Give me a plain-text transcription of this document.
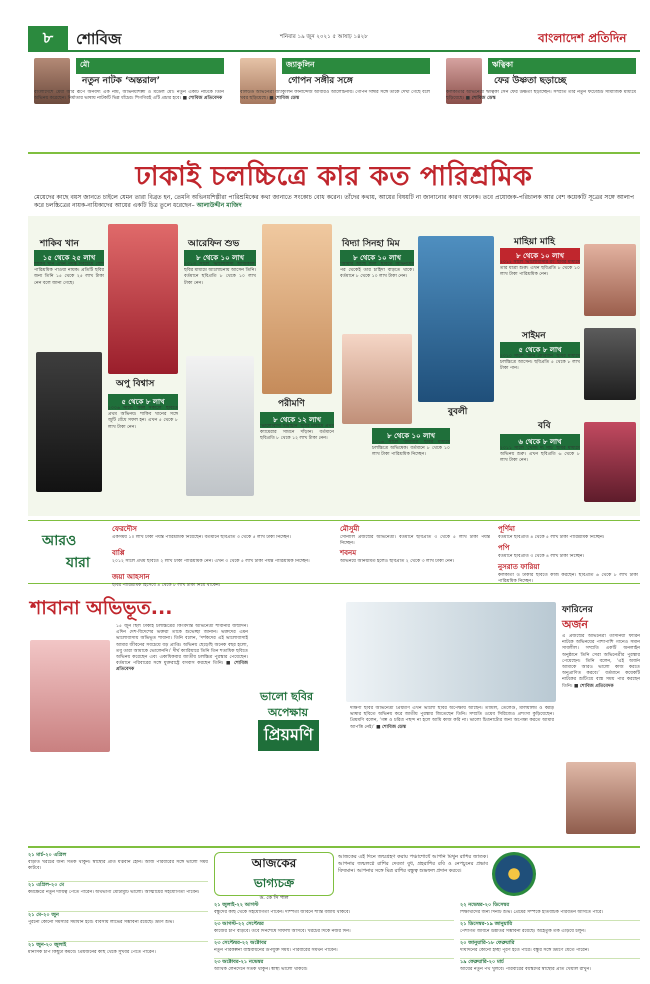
৮	শোবিজ	শনিবার ১৯ জুন ২০২১ ৫ আষাঢ় ১৪২৮	বাংলাদেশ প্রতিদিন
মৌ
নতুন নাটক ‘অন্তরাল’
বাংলাদেশে মেধা আর রূপে অনবদ্য এক নাম, অভিনয়শিল্পী ও মডেল মৌ। নতুন একটি নাটকে তিনি অভিনয় করেছেন। নির্মাতার ভাষায় নাটকটি ভিন্ন ধাঁচের। শিগগিরই এটি প্রচার হবে। ■ শোবিজ প্রতিবেদক
জ্যাকুলিন
গোপন সঙ্গীর সঙ্গে
বলিউড অভিনেত্রী জ্যাকুলিন ফার্নান্দেজ আবারও আলোচনায়। গোপন সঙ্গীর সঙ্গে তাকে দেখা গেছে বলে খবর ছড়িয়েছে। ■ শোবিজ ডেস্ক
ঋত্বিকা
ফের উষ্ণতা ছড়াচ্ছে
কলকাতার অভিনেত্রী ঋত্বিকা সেন ফের উষ্ণতা ছড়াচ্ছেন। সম্প্রতি তার নতুন ফটোশুট সামাজিক মাধ্যমে ছড়িয়েছে। ■ শোবিজ ডেস্ক
ঢাকাই চলচ্চিত্রে কার কত পারিশ্রমিক
মেয়েদের কাছে বয়স জানতে চাইলে যেমন তারা বিব্রত হন, তেমনি অভিনয়শিল্পীরা পারিশ্রমিকের কথা জানাতে সংকোচ বোধ করেন। তাঁদের কথায়, আয়ের বিষয়টি না জানানোর কারণ অনেক। তবে প্রযোজক-পরিচালক আর বেশ কয়েকটি সূত্রের সঙ্গে আলাপ করে চলচ্চিত্রের নায়ক-নায়িকাদের আয়ের একটি চিত্র তুলে ধরেছেন– আলাউদ্দীন মাজিদ
শাকিব খান
১৫ থেকে ২৫ লাখ
শাকিব খান এখন পর্যন্ত সবচেয়ে বেশি পারিশ্রমিক পাওয়া নায়ক। প্রতিটি ছবির জন্য তিনি ১৫ থেকে ২৫ লাখ টাকা নেন বলে জানা গেছে।
অপু বিশ্বাস
৫ থেকে ৮ লাখ
২০০৬ সালে ‘কাল সকালে’ ছবিতে প্রথম অভিনয়। শাকিব খানের সঙ্গে জুটি বেঁধে সফল হন। এখন ৫ থেকে ৮ লাখ টাকা নেন।
আরেফিন শুভ
৮ থেকে ১০ লাখ
২০১৩ সালে ‘ভালোবাসা আজকাল’ ছবির মাধ্যমে আলোচনায় আসেন তিনি। বর্তমানে ছবিপ্রতি ৮ থেকে ১০ লাখ টাকা নেন।
পরীমণি
৮ থেকে ১২ লাখ
‘ভালোবাসা সীমাহীন’ ছবির মাধ্যমে প্রথম ক্যামেরার সামনে দাঁড়ান। বর্তমানে ছবিপ্রতি ৮ থেকে ১২ লাখ টাকা নেন।
বিদ্যা সিনহা মিম
৮ থেকে ১০ লাখ
‘আমার আছে জল’ ছবিতে অভিনয়ের পর থেকেই তার চাহিদা বাড়তে থাকে। বর্তমানে ৮ থেকে ১০ লাখ টাকা নেন।
বুবলী
৮ থেকে ১০ লাখ
২০১৬ সালে ‘বসগিরি’ ছবির মাধ্যমে চলচ্চিত্রে অভিষেক। বর্তমানে ৮ থেকে ১০ লাখ টাকা পারিশ্রমিক নিচ্ছেন।
মাহিয়া মাহি
৮ থেকে ১০ লাখ
২০১২ সালে ‘ভালোবাসার রং’ ছবির মাধ্যমে তার যাত্রা শুরু। এখন ছবিপ্রতি ৮ থেকে ১০ লাখ টাকা পারিশ্রমিক নেন।
সাইমন
৫ থেকে ৮ লাখ
২০১০ সালে ‘জান কোরবান’ ছবির মাধ্যমে চলচ্চিত্রে আসেন। ছবিপ্রতি ৫ থেকে ৮ লাখ টাকা পান।
ববি
৬ থেকে ৮ লাখ
২০১১ সালে ‘খোঁজ দ্য সার্চ’ ছবির মাধ্যমে অভিনয় শুরু। এখন ছবিপ্রতি ৬ থেকে ৮ লাখ টাকা নেন।
আরও
যারা
ফেরদৌস
একসময় ১০ লাখ টাকা পর্যন্ত পারিশ্রমিক নিয়েছেন। বর্তমানে ছবিপ্রতি ৩ থেকে ৫ লাখ টাকা নিচ্ছেন।
বাপ্পি
২০১২ সালে প্রথম ছবিতে ২ লাখ টাকা পারিশ্রমিক নেন। এখন ৩ থেকে ৫ লাখ টাকা পর্যন্ত পারিশ্রমিক নিচ্ছেন।
জয়া আহসান
ছবির পারিশ্রমিক হিসেবে ৪ থেকে ৮ লাখ টাকা নিয়ে থাকেন।
মৌসুমী
সোনালি প্রজন্মের অভিনেত্রী। বর্তমানে ছবিপ্রতি ৩ থেকে ৫ লাখ টাকা পর্যন্ত নিচ্ছেন।
শবনম
অভিনয়ে অনিয়মিত হলেও ছবিপ্রতি ২ থেকে ৩ লাখ টাকা নেন।
পূর্ণিমা
বর্তমানে ছবিপ্রতি ৪ থেকে ৫ লাখ টাকা পারিশ্রমিক নিচ্ছেন।
পপি
বর্তমানে ছবিপ্রতি ৩ থেকে ৪ লাখ টাকা নিচ্ছেন।
নুসরাত ফারিয়া
কলকাতা ও ঢাকার ছবিতে কাজ করছেন। ছবিপ্রতি ৬ থেকে ৮ লাখ টাকা পারিশ্রমিক নিচ্ছেন।
শাবানা অভিভূত...
১৫ জুন ছিল ঢাকাই চলচ্চিত্রের কিংবদন্তি অভিনেত্রী শাবানার জন্মদিন। এদিন দেশ-বিদেশের ভক্তরা তাকে শুভেচ্ছা জানান। ভক্তদের এমন ভালোবাসায় অভিভূত শাবানা। তিনি বলেন, ‘দর্শকদের এই ভালোবাসাই আমার জীবনের সবচেয়ে বড় প্রাপ্তি। অভিনয় ছেড়েছি অনেক বছর হলো, তবু তারা আমাকে ভোলেননি।’ দীর্ঘ ক্যারিয়ারে তিনি তিন শতাধিক ছবিতে অভিনয় করেছেন এবং একাধিকবার জাতীয় চলচ্চিত্র পুরস্কার পেয়েছেন। বর্তমানে পরিবারের সঙ্গে যুক্তরাষ্ট্রে বসবাস করছেন তিনি। ■ শোবিজ প্রতিবেদক
ভালো ছবির
অপেক্ষায়
প্রিয়মণি
দক্ষিণী ছবির অভিনেত্রী প্রিয়মণি এখন ভালো ছবির অপেক্ষায় আছেন। তামিল, তেলেগু, মালয়ালম ও কন্নড় ভাষার ছবিতে অভিনয় করে জাতীয় পুরস্কার জিতেছেন তিনি। সম্প্রতি ওয়েব সিরিজেও প্রশংসা কুড়িয়েছেন। প্রিয়মণি বলেন, ‘গল্প ও চরিত্র পছন্দ না হলে আমি কাজ করি না। ভালো চিত্রনাট্যের জন্য অপেক্ষা করতে আমার আপত্তি নেই।’ ■ শোবিজ ডেস্ক
ফারিনের
অর্জন
এ প্রজন্মের অভিনেত্রী তাসনিয়া ফারিন নাটকে অভিনয়ের পাশাপাশি গানেও সমান সাবলীল। সম্প্রতি একটি অনলাইন অনুষ্ঠানে তিনি সেরা অভিনেত্রীর পুরস্কার পেয়েছেন। তিনি বলেন, ‘এই অর্জন আমাকে আরও ভালো কাজ করতে অনুপ্রাণিত করবে।’ বর্তমানে কয়েকটি নাটকের শুটিংয়ে ব্যস্ত সময় পার করছেন তিনি। ■ শোবিজ প্রতিবেদক
২১ মার্চ-২০ এপ্রিল
বাড়তি খরচের জন্য সতর্ক থাকুন। স্বাস্থ্যের প্রতি যত্নবান হোন। আজ পরিবারের সঙ্গে ভালো সময় কাটবে।
২১ এপ্রিল-২০ মে
কর্মক্ষেত্রে নতুন দায়িত্ব পেতে পারেন। অর্থভাগ্য মোটামুটি ভালো। আত্মীয়ের সহযোগিতা পাবেন।
২১ মে-২০ জুন
পুরনো কোনো সমস্যার সমাধান হবে। ব্যবসায় লাভের সম্ভাবনা রয়েছে। ভ্রমণ শুভ।
২১ জুন-২০ জুলাই
মানসিক চাপ কিছুটা কমবে। প্রিয়জনের কাছ থেকে সুখবর পেতে পারেন।
আজকের
ভাগ্যচক্র
ড. কে সি পাল
আজকের এই দিনে জন্মগ্রহণ করায় পঞ্চাশোর্ধে আপনি মিথুন রাশির জাতক। আপনার জন্মলগ্নে রাশির দেবতা বুধ, গ্রহরাশির রবি ও নেপচুনের প্রভাব বিদ্যমান। আপনার সঙ্গে মিত্র রাশির বন্ধুত্ব শুভফল প্রদান করবে।
২১ জুলাই-২২ আগস্ট
বন্ধুদের কাছ থেকে সহযোগিতা পাবেন। দাম্পত্য জীবনে শান্তি বজায় থাকবে।
২৩ আগস্ট-২২ সেপ্টেম্বর
কাজের চাপ বাড়বে। তবে দিনশেষে সাফল্য আসবে। খরচের দিকে নজর দিন।
২৩ সেপ্টেম্বর-২২ অক্টোবর
নতুন পরিকল্পনা বাস্তবায়নের উপযুক্ত সময়। পরিবারের সমর্থন পাবেন।
২৩ অক্টোবর-২১ নভেম্বর
আর্থিক লেনদেনে সতর্ক থাকুন। স্বাস্থ্য ভালো থাকবে।
২২ নভেম্বর-২০ ডিসেম্বর
শিক্ষার্থীদের জন্য দিনটি শুভ। প্রেমের সম্পর্কে ইতিবাচক পরিবর্তন আসতে পারে।
২১ ডিসেম্বর-১৯ জানুয়ারি
পেশাগত জীবনে উন্নতির সম্ভাবনা রয়েছে। অহেতুক তর্ক এড়িয়ে চলুন।
২০ জানুয়ারি-১৮ ফেব্রুয়ারি
দীর্ঘদিনের কোনো ইচ্ছা পূরণ হতে পারে। বন্ধুর সঙ্গে ভ্রমণে যেতে পারেন।
১৯ ফেব্রুয়ারি-২০ মার্চ
আয়ের নতুন পথ খুলবে। পরিবারের বয়স্কদের স্বাস্থ্যের প্রতি খেয়াল রাখুন।
